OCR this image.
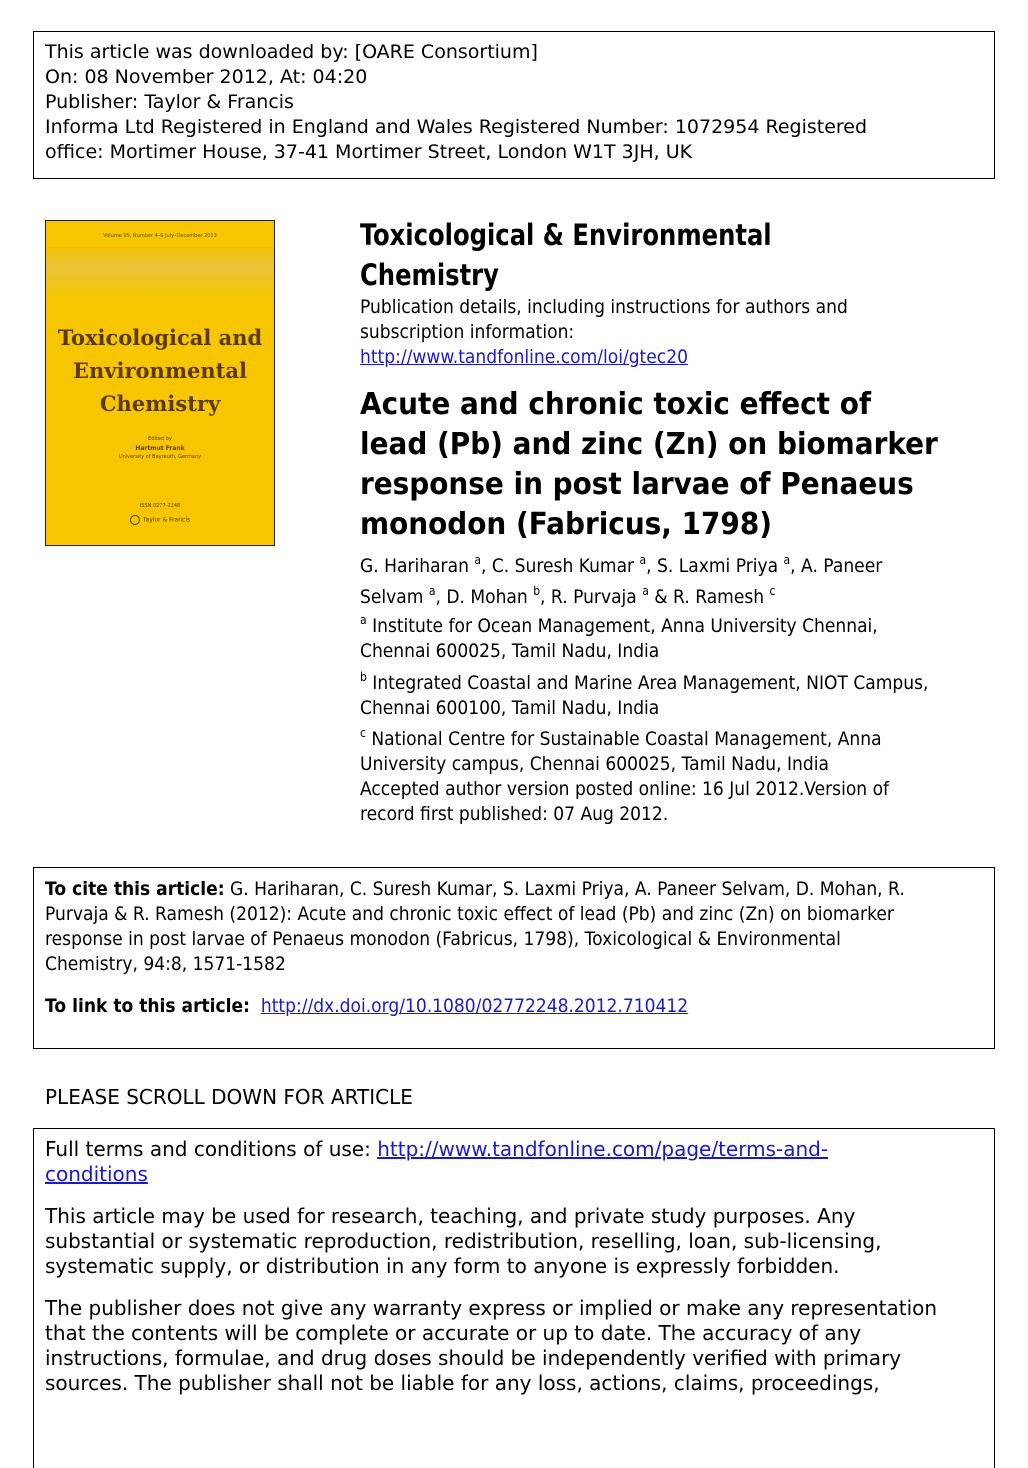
This article was downloaded by: [OARE Consortium]
On: 08 November 2012, At: 04:20
Publisher: Taylor & Francis
Informa Ltd Registered in England and Wales Registered Number: 1072954 Registered
office: Mortimer House, 37-41 Mortimer Street, London W1T 3JH, UK
Volume 95, Number 4–6 July–December 2013
Toxicological and
Environmental
Chemistry
Edited by
Hartmut Frank
University of Bayreuth, Germany
ISSN 0277-2248
Taylor & Francis
Toxicological & Environmental
Chemistry
Publication details, including instructions for authors and
subscription information:
http://www.tandfonline.com/loi/gtec20
Acute and chronic toxic effect of
lead (Pb) and zinc (Zn) on biomarker
response in post larvae of Penaeus
monodon (Fabricus, 1798)
G. Hariharan $^a$, C. Suresh Kumar $^a$, S. Laxmi Priya $^a$, A. Paneer
Selvam $^a$, D. Mohan $^b$, R. Purvaja $^a$ & R. Ramesh $^c$
$^a$ Institute for Ocean Management, Anna University Chennai,
Chennai 600025, Tamil Nadu, India
$^b$ Integrated Coastal and Marine Area Management, NIOT Campus,
Chennai 600100, Tamil Nadu, India
$^c$ National Centre for Sustainable Coastal Management, Anna
University campus, Chennai 600025, Tamil Nadu, India
Accepted author version posted online: 16 Jul 2012.Version of
record first published: 07 Aug 2012.
To cite this article: G. Hariharan, C. Suresh Kumar, S. Laxmi Priya, A. Paneer Selvam, D. Mohan, R.
Purvaja & R. Ramesh (2012): Acute and chronic toxic effect of lead (Pb) and zinc (Zn) on biomarker
response in post larvae of Penaeus monodon (Fabricus, 1798), Toxicological & Environmental
Chemistry, 94:8, 1571-1582
To link to this article: http://dx.doi.org/10.1080/02772248.2012.710412
PLEASE SCROLL DOWN FOR ARTICLE
Full terms and conditions of use: http://www.tandfonline.com/page/terms-and-
conditions
This article may be used for research, teaching, and private study purposes. Any
substantial or systematic reproduction, redistribution, reselling, loan, sub-licensing,
systematic supply, or distribution in any form to anyone is expressly forbidden.
The publisher does not give any warranty express or implied or make any representation
that the contents will be complete or accurate or up to date. The accuracy of any
instructions, formulae, and drug doses should be independently verified with primary
sources. The publisher shall not be liable for any loss, actions, claims, proceedings,
